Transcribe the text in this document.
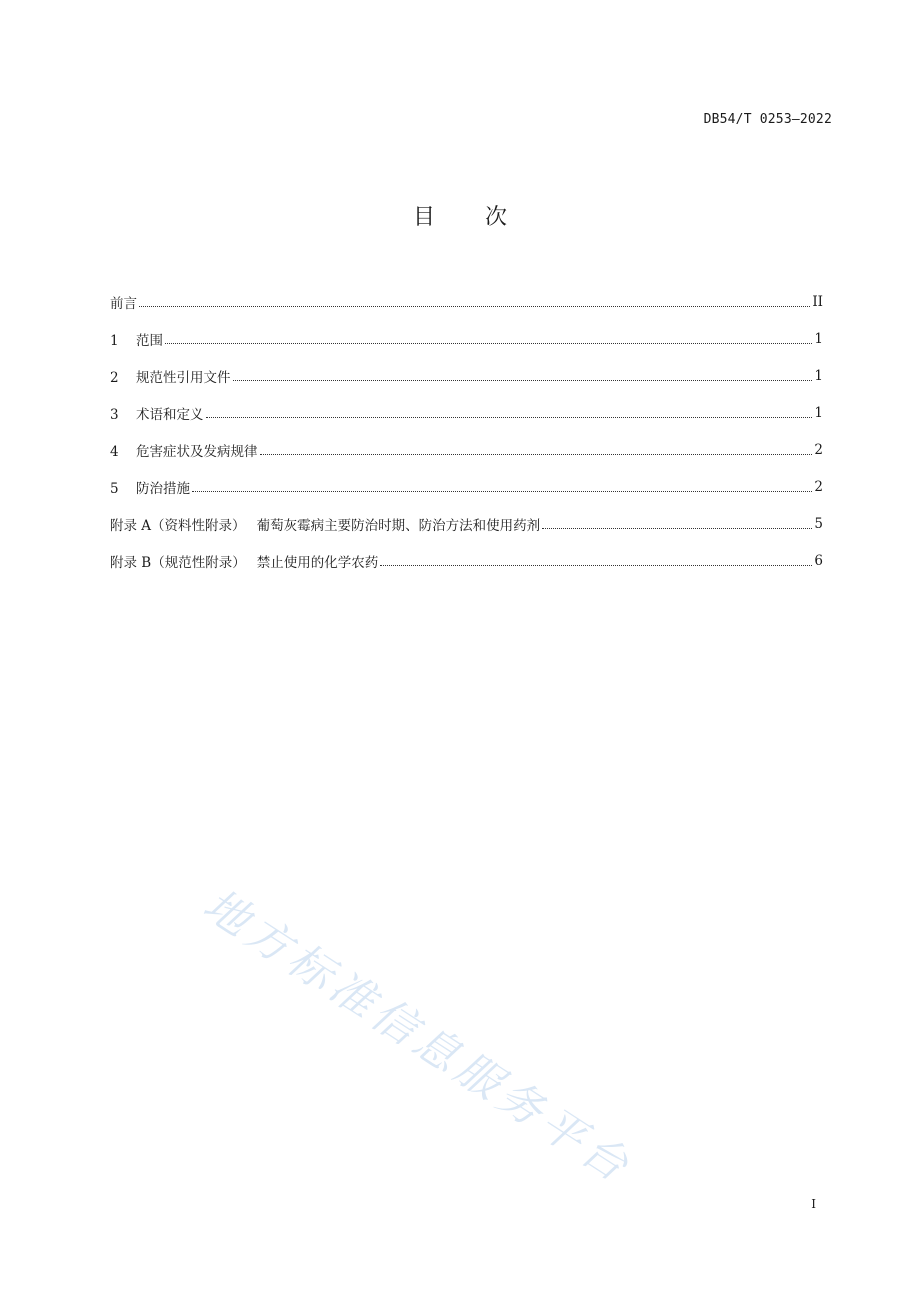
DB54/T 0253—2022
目 次
前言	II
1 范围	1
2 规范性引用文件	1
3 术语和定义	1
4 危害症状及发病规律	2
5 防治措施	2
附录 A（资料性附录）　 葡萄灰霉病主要防治时期、防治方法和使用药剂	5
附录 B（规范性附录）　 禁止使用的化学农药	6
地方标准信息服务平台
I
